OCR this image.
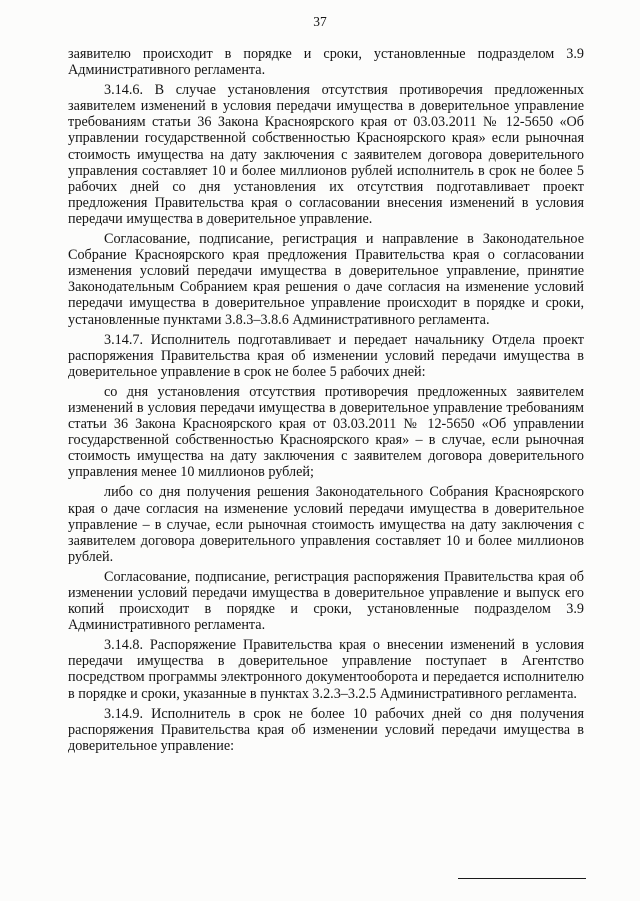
37

заявителю происходит в порядке и сроки, установленные подразделом 3.9 Административного регламента.

3.14.6. В случае установления отсутствия противоречия предложенных заявителем изменений в условия передачи имущества в доверительное управление требованиям статьи 36 Закона Красноярского края от 03.03.2011 № 12-5650 «Об управлении государственной собственностью Красноярского края» если рыночная стоимость имущества на дату заключения с заявителем договора доверительного управления составляет 10 и более миллионов рублей исполнитель в срок не более 5 рабочих дней со дня установления их отсутствия подготавливает проект предложения Правительства края о согласовании внесения изменений в условия передачи имущества в доверительное управление.

Согласование, подписание, регистрация и направление в Законодательное Собрание Красноярского края предложения Правительства края о согласовании изменения условий передачи имущества в доверительное управление, принятие Законодательным Собранием края решения о даче согласия на изменение условий передачи имущества в доверительное управление происходит в порядке и сроки, установленные пунктами 3.8.3–3.8.6 Административного регламента.

3.14.7. Исполнитель подготавливает и передает начальнику Отдела проект распоряжения Правительства края об изменении условий передачи имущества в доверительное управление в срок не более 5 рабочих дней:

со дня установления отсутствия противоречия предложенных заявителем изменений в условия передачи имущества в доверительное управление требованиям статьи 36 Закона Красноярского края от 03.03.2011 № 12-5650 «Об управлении государственной собственностью Красноярского края» – в случае, если рыночная стоимость имущества на дату заключения с заявителем договора доверительного управления менее 10 миллионов рублей;

либо со дня получения решения Законодательного Собрания Красноярского края о даче согласия на изменение условий передачи имущества в доверительное управление – в случае, если рыночная стоимость имущества на дату заключения с заявителем договора доверительного управления составляет 10 и более миллионов рублей.

Согласование, подписание, регистрация распоряжения Правительства края об изменении условий передачи имущества в доверительное управление и выпуск его копий происходит в порядке и сроки, установленные подразделом 3.9 Административного регламента.

3.14.8. Распоряжение Правительства края о внесении изменений в условия передачи имущества в доверительное управление поступает в Агентство посредством программы электронного документооборота и передается исполнителю в порядке и сроки, указанные в пунктах 3.2.3–3.2.5 Административного регламента.

3.14.9. Исполнитель в срок не более 10 рабочих дней со дня получения распоряжения Правительства края об изменении условий передачи имущества в доверительное управление:
